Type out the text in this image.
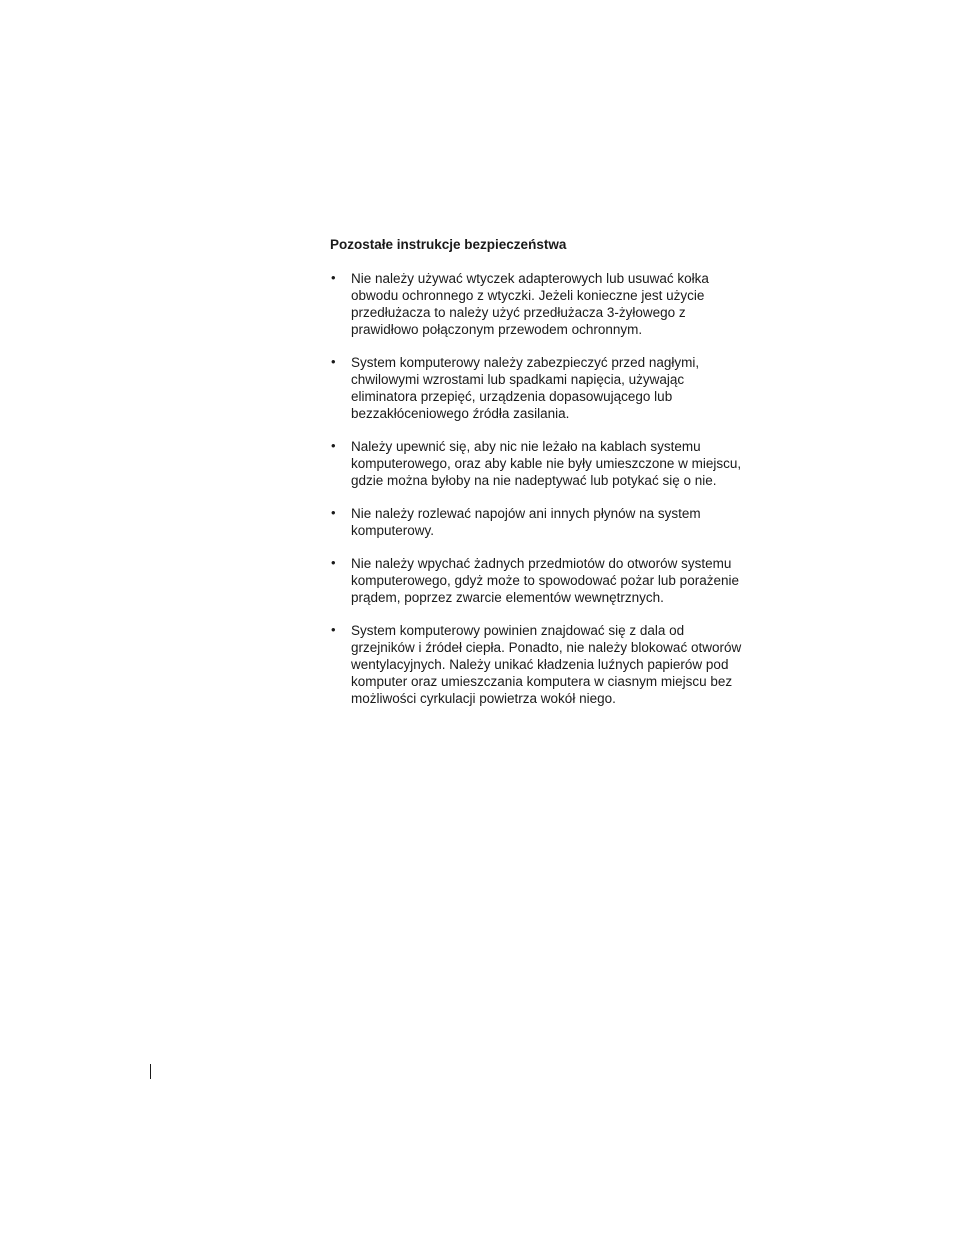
Pozostałe instrukcje bezpieczeństwa
• Nie należy używać wtyczek adapterowych lub usuwać kołka
obwodu ochronnego z wtyczki. Jeżeli konieczne jest użycie
przedłużacza to należy użyć przedłużacza 3-żyłowego z
prawidłowo połączonym przewodem ochronnym.
• System komputerowy należy zabezpieczyć przed nagłymi,
chwilowymi wzrostami lub spadkami napięcia, używając
eliminatora przepięć, urządzenia dopasowującego lub
bezzakłóceniowego źródła zasilania.
• Należy upewnić się, aby nic nie leżało na kablach systemu
komputerowego, oraz aby kable nie były umieszczone w miejscu,
gdzie można byłoby na nie nadeptywać lub potykać się o nie.
• Nie należy rozlewać napojów ani innych płynów na system
komputerowy.
• Nie należy wpychać żadnych przedmiotów do otworów systemu
komputerowego, gdyż może to spowodować pożar lub porażenie
prądem, poprzez zwarcie elementów wewnętrznych.
• System komputerowy powinien znajdować się z dala od
grzejników i źródeł ciepła. Ponadto, nie należy blokować otworów
wentylacyjnych. Należy unikać kładzenia luźnych papierów pod
komputer oraz umieszczania komputera w ciasnym miejscu bez
możliwości cyrkulacji powietrza wokół niego.
